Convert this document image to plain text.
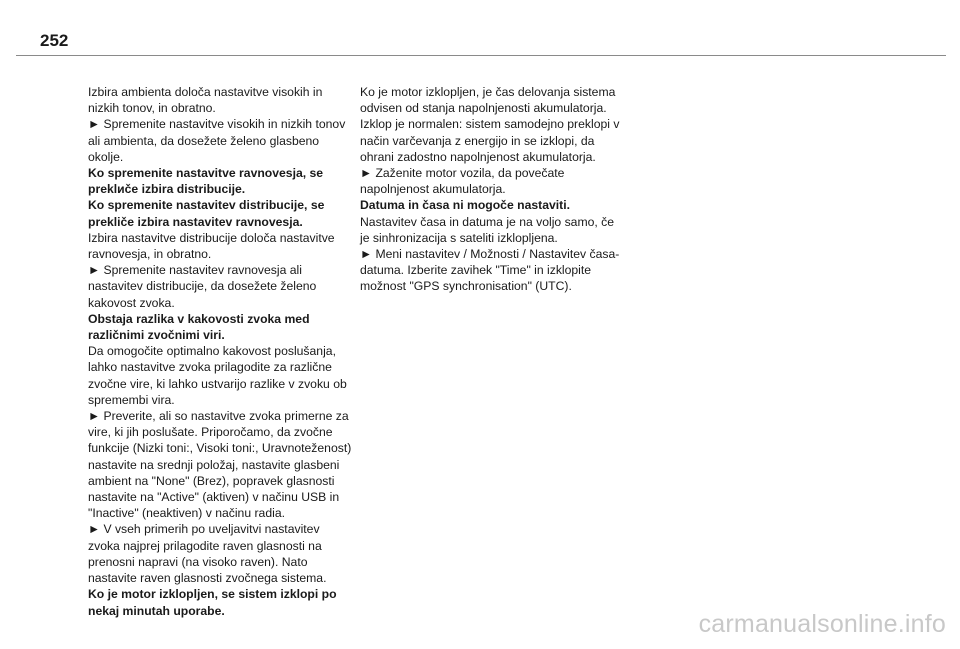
252

Izbira ambienta določa nastavitve visokih in nizkih tonov, in obratno.

► Spremenite nastavitve visokih in nizkih tonov ali ambienta, da dosežete želeno glasbeno okolje.

Ko spremenite nastavitve ravnovesja, se preklиče izbira distribucije.

Ko spremenite nastavitev distribucije, se prekliče izbira nastavitev ravnovesja.

Izbira nastavitve distribucije določa nastavitve ravnovesja, in obratno.

► Spremenite nastavitev ravnovesja ali nastavitev distribucije, da dosežete želeno kakovost zvoka.

Obstaja razlika v kakovosti zvoka med različnimi zvočnimi viri.

Da omogočite optimalno kakovost poslušanja, lahko nastavitve zvoka prilagodite za različne zvočne vire, ki lahko ustvarijo razlike v zvoku ob spremembi vira.

► Preverite, ali so nastavitve zvoka primerne za vire, ki jih poslušate. Priporočamo, da zvočne funkcije (Nizki toni:, Visoki toni:, Uravnoteženost) nastavite na srednji položaj, nastavite glasbeni ambient na "None" (Brez), popravek glasnosti nastavite na "Active" (aktiven) v načinu USB in "Inactive" (neaktiven) v načinu radia.

► V vseh primerih po uveljavitvi nastavitev zvoka najprej prilagodite raven glasnosti na prenosni napravi (na visoko raven). Nato nastavite raven glasnosti zvočnega sistema.

Ko je motor izklopljen, se sistem izklopi po nekaj minutah uporabe.

Ko je motor izklopljen, je čas delovanja sistema odvisen od stanja napolnjenosti akumulatorja.

Izklop je normalen: sistem samodejno preklopi v način varčevanja z energijo in se izklopi, da ohrani zadostno napolnjenost akumulatorja.

► Zaženite motor vozila, da povečate napolnjenost akumulatorja.

Datuma in časa ni mogoče nastaviti.

Nastavitev časa in datuma je na voljo samo, če je sinhronizacija s sateliti izklopljena.

► Meni nastavitev / Možnosti / Nastavitev časa-datuma. Izberite zavihek "Time" in izklopite možnost "GPS synchronisation" (UTC).

carmanualsonline.info
